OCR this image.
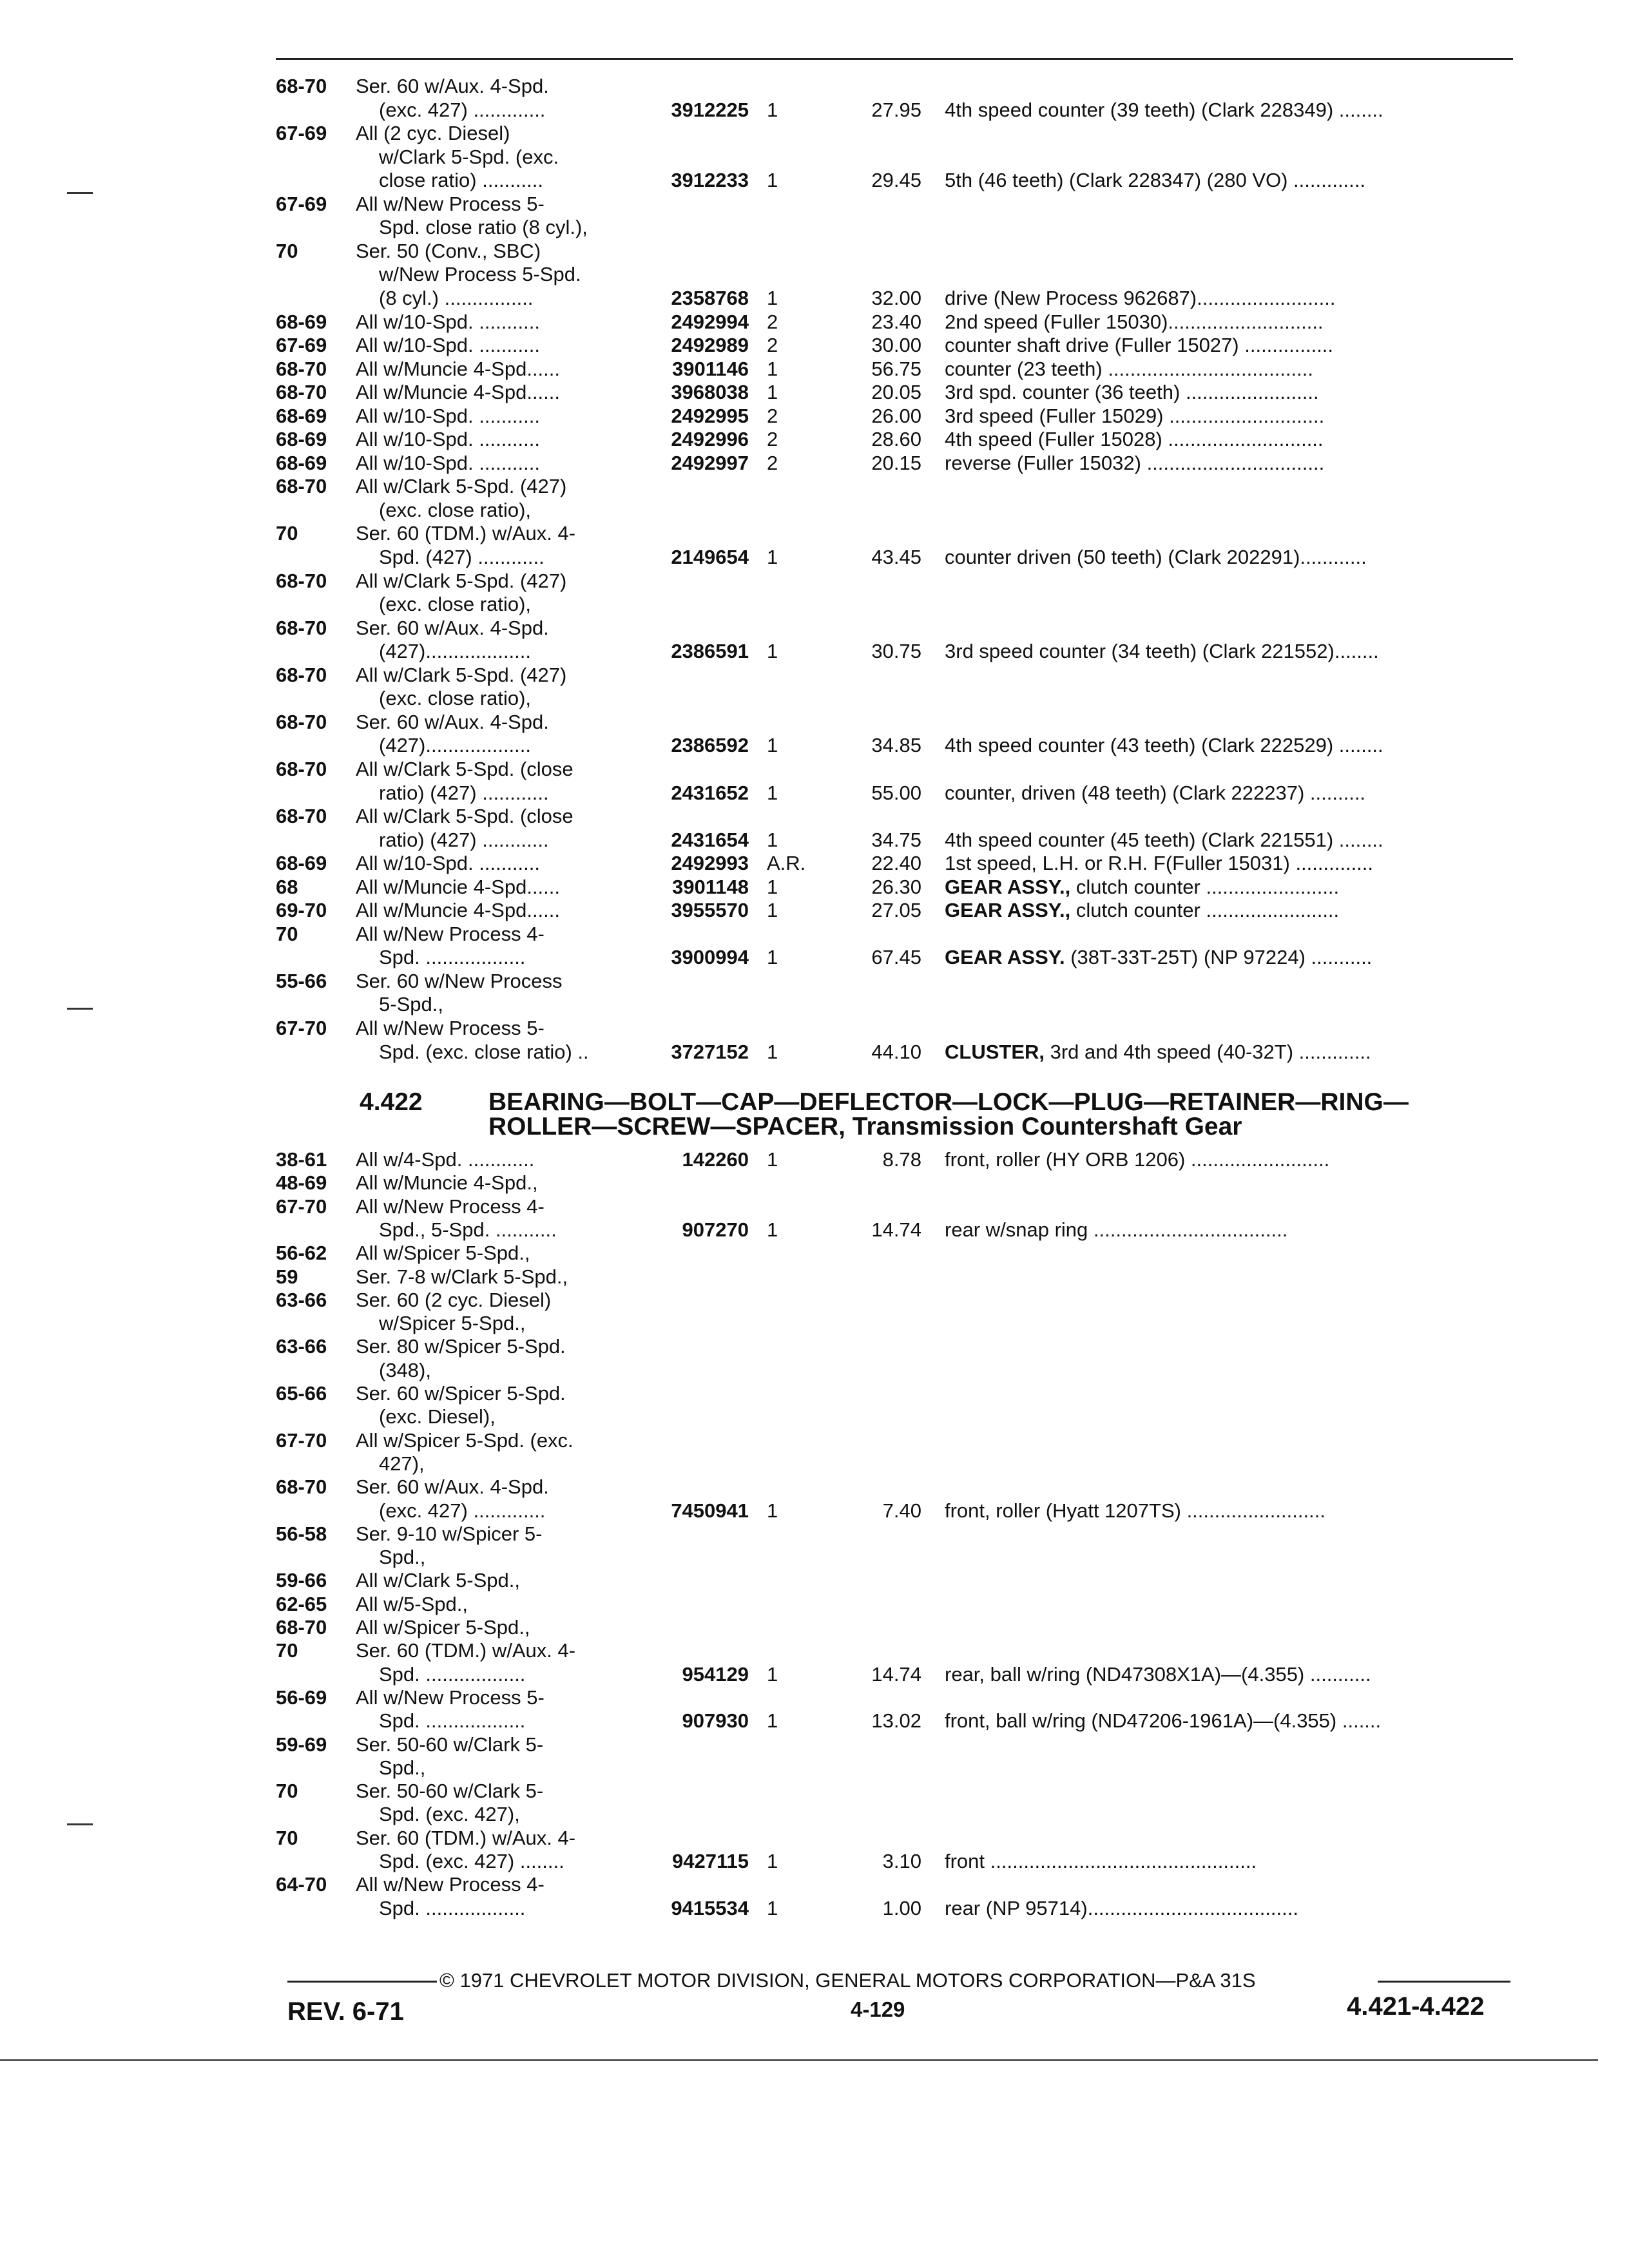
68-70 Ser. 60 w/Aux. 4-Spd.
(exc. 427) .............	3912225 1	27.95 4th speed counter (39 teeth) (Clark 228349) ........
67-69 All (2 cyc. Diesel)
w/Clark 5-Spd. (exc.
close ratio) ...........	3912233 1	29.45 5th (46 teeth) (Clark 228347) (280 VO) .............
67-69 All w/New Process 5-
Spd. close ratio (8 cyl.),
70	Ser. 50 (Conv., SBC)
w/New Process 5-Spd.
(8 cyl.) ................	2358768 1	32.00 drive (New Process 962687).........................
68-69 All w/10-Spd. ...........	2492994 2	23.40 2nd speed (Fuller 15030)............................
67-69 All w/10-Spd. ...........	2492989 2	30.00 counter shaft drive (Fuller 15027) ................
68-70 All w/Muncie 4-Spd......	3901146 1	56.75 counter (23 teeth) .....................................
68-70 All w/Muncie 4-Spd......	3968038 1	20.05 3rd spd. counter (36 teeth) ........................
68-69 All w/10-Spd. ...........	2492995 2	26.00 3rd speed (Fuller 15029) ............................
68-69 All w/10-Spd. ...........	2492996 2	28.60 4th speed (Fuller 15028) ............................
68-69 All w/10-Spd. ...........	2492997 2	20.15 reverse (Fuller 15032) ................................
68-70 All w/Clark 5-Spd. (427)
(exc. close ratio),
70	Ser. 60 (TDM.) w/Aux. 4-
Spd. (427) ............	2149654 1	43.45 counter driven (50 teeth) (Clark 202291)............
68-70 All w/Clark 5-Spd. (427)
(exc. close ratio),
68-70 Ser. 60 w/Aux. 4-Spd.
(427)...................	2386591 1	30.75 3rd speed counter (34 teeth) (Clark 221552)........
68-70 All w/Clark 5-Spd. (427)
(exc. close ratio),
68-70 Ser. 60 w/Aux. 4-Spd.
(427)...................	2386592 1	34.85 4th speed counter (43 teeth) (Clark 222529) ........
68-70 All w/Clark 5-Spd. (close
ratio) (427) ............	2431652 1	55.00 counter, driven (48 teeth) (Clark 222237) ..........
68-70 All w/Clark 5-Spd. (close
ratio) (427) ............	2431654 1	34.75 4th speed counter (45 teeth) (Clark 221551) ........
68-69 All w/10-Spd. ...........	2492993 A.R.	22.40 1st speed, L.H. or R.H. F(Fuller 15031) ..............
68	All w/Muncie 4-Spd......	3901148 1	26.30 GEAR ASSY., clutch counter ........................
69-70 All w/Muncie 4-Spd......	3955570 1	27.05 GEAR ASSY., clutch counter ........................
70	All w/New Process 4-
Spd. ..................	3900994 1	67.45 GEAR ASSY. (38T-33T-25T) (NP 97224) ...........
55-66 Ser. 60 w/New Process
5-Spd.,
67-70 All w/New Process 5-
Spd. (exc. close ratio) ..	3727152 1	44.10 CLUSTER, 3rd and 4th speed (40-32T) .............
4.422	BEARING—BOLT—CAP—DEFLECTOR—LOCK—PLUG—RETAINER—RING—
ROLLER—SCREW—SPACER, Transmission Countershaft Gear
38-61 All w/4-Spd. ............	142260 1	8.78 front, roller (HY ORB 1206) .........................
48-69 All w/Muncie 4-Spd.,
67-70 All w/New Process 4-
Spd., 5-Spd. ...........	907270 1	14.74 rear w/snap ring ...................................
56-62 All w/Spicer 5-Spd.,
59	Ser. 7-8 w/Clark 5-Spd.,
63-66 Ser. 60 (2 cyc. Diesel)
w/Spicer 5-Spd.,
63-66 Ser. 80 w/Spicer 5-Spd.
(348),
65-66 Ser. 60 w/Spicer 5-Spd.
(exc. Diesel),
67-70 All w/Spicer 5-Spd. (exc.
427),
68-70 Ser. 60 w/Aux. 4-Spd.
(exc. 427) .............	7450941 1	7.40 front, roller (Hyatt 1207TS) .........................
56-58 Ser. 9-10 w/Spicer 5-
Spd.,
59-66 All w/Clark 5-Spd.,
62-65 All w/5-Spd.,
68-70 All w/Spicer 5-Spd.,
70	Ser. 60 (TDM.) w/Aux. 4-
Spd. ..................	954129 1	14.74 rear, ball w/ring (ND47308X1A)—(4.355) ...........
56-69 All w/New Process 5-
Spd. ..................	907930 1	13.02 front, ball w/ring (ND47206-1961A)—(4.355) .......
59-69 Ser. 50-60 w/Clark 5-
Spd.,
70	Ser. 50-60 w/Clark 5-
Spd. (exc. 427),
70	Ser. 60 (TDM.) w/Aux. 4-
Spd. (exc. 427) ........	9427115 1	3.10 front ................................................
64-70 All w/New Process 4-
Spd. ..................	9415534 1	1.00 rear (NP 95714)......................................
© 1971 CHEVROLET MOTOR DIVISION, GENERAL MOTORS CORPORATION—P&A 31S
REV. 6-71	4-129	4.421-4.422
